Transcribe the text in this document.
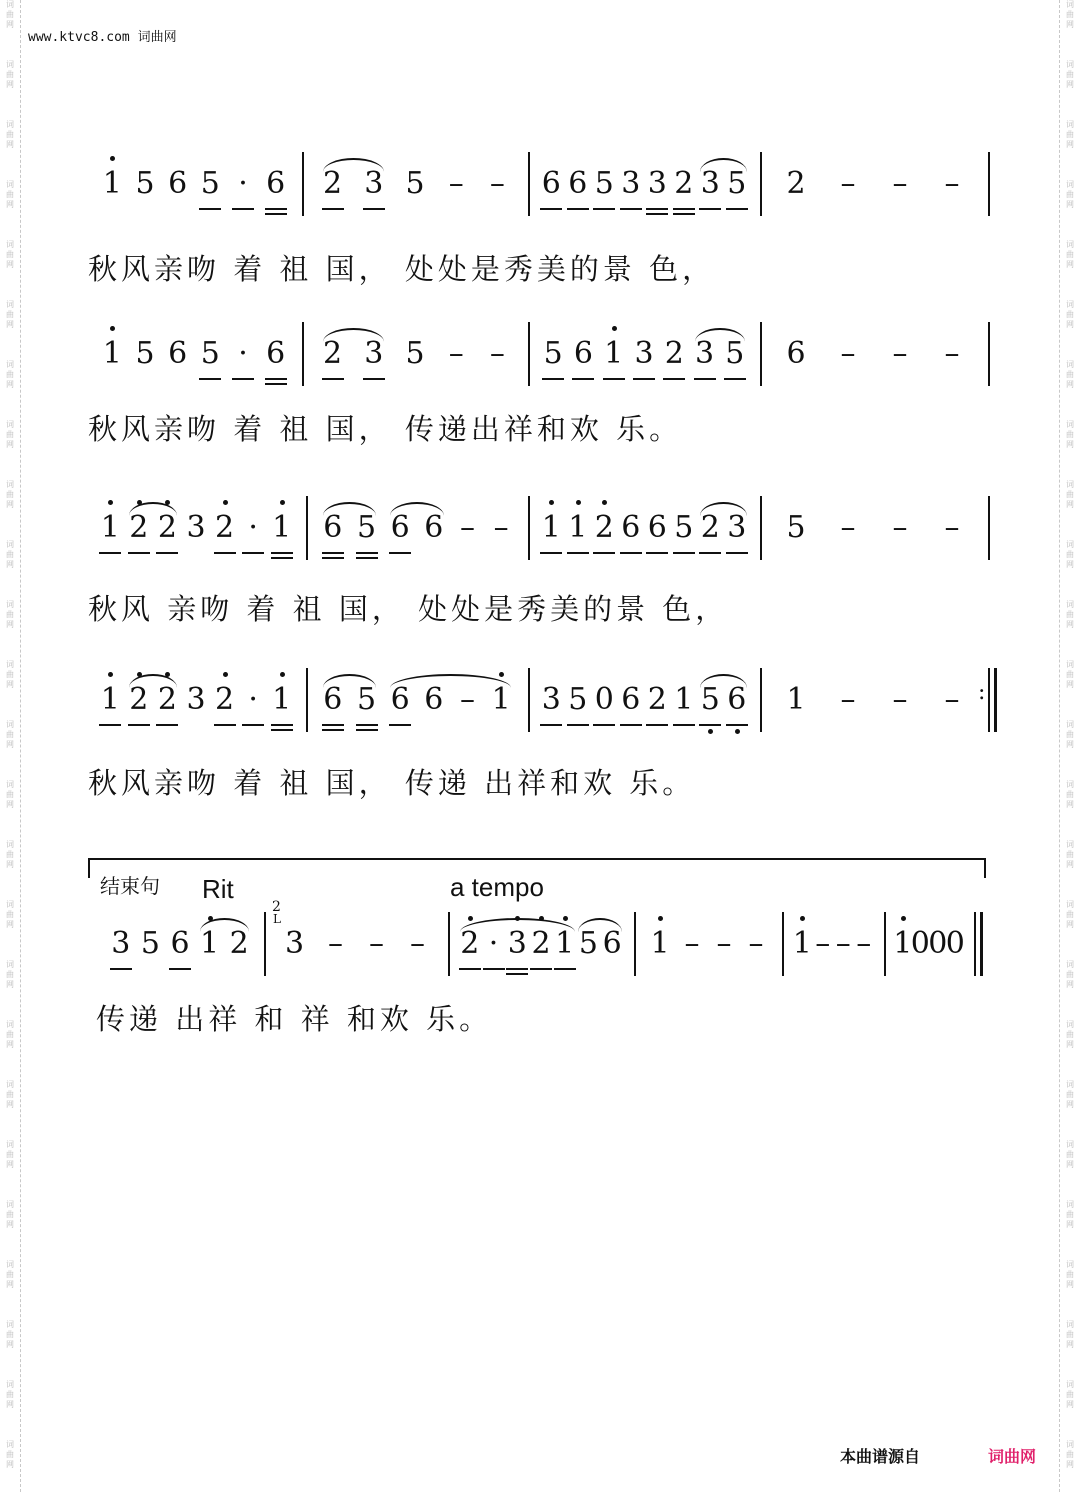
词
曲
网
词
曲
网
词
曲
网
词
曲
网
词
曲
网
词
曲
网
词
曲
网
词
曲
网
词
曲
网
词
曲
网
词
曲
网
词
曲
网
词
曲
网
词
曲
网
词
曲
网
词
曲
网
词
曲
网
词
曲
网
词
曲
网
词
曲
网
词
曲
网
词
曲
网
词
曲
网
词
曲
网
词
曲
网
词
曲
网
词
曲
网
词
曲
网
词
曲
网
词
曲
网
词
曲
网
词
曲
网
词
曲
网
词
曲
网
词
曲
网
词
曲
网
词
曲
网
词
曲
网
词
曲
网
词
曲
网
词
曲
网
词
曲
网
词
曲
网
词
曲
网
词
曲
网
词
曲
网
词
曲
网
词
曲
网
词
曲
网
词
曲
网
www.ktvc8.com 词曲网
1 5 6 5 · 6 2 3 5 – – 6 6 5 3 3 2 3 5 2 – – –
秋风亲吻 着 祖 国， 处处是秀美的景 色，
1 5 6 5 · 6 2 3 5 – – 5 6 1 3 2 3 5 6 – – –
秋风亲吻 着 祖 国， 传递出祥和欢 乐。
1 2 2 3 2 · 1 6 5 6 6 – – 1 1 2 6 6 5 2 3 5 – – –
秋风 亲吻 着 祖 国， 处处是秀美的景 色，
1 2 2 3 2 · 1 6 5 6 6 – 1 3 5 0 6 2 1 5 6 1 – – – :
秋风亲吻 着 祖 国， 传递 出祥和欢 乐。
结束句 Rit	a tempo
2
L
3 5 6 1 2 3 – – – 2 · 3 2 1 5 6 1 – – – 1 – – – 1
0
0
0
传递 出祥 和 祥 和欢 乐。
本曲谱源自	词曲网
